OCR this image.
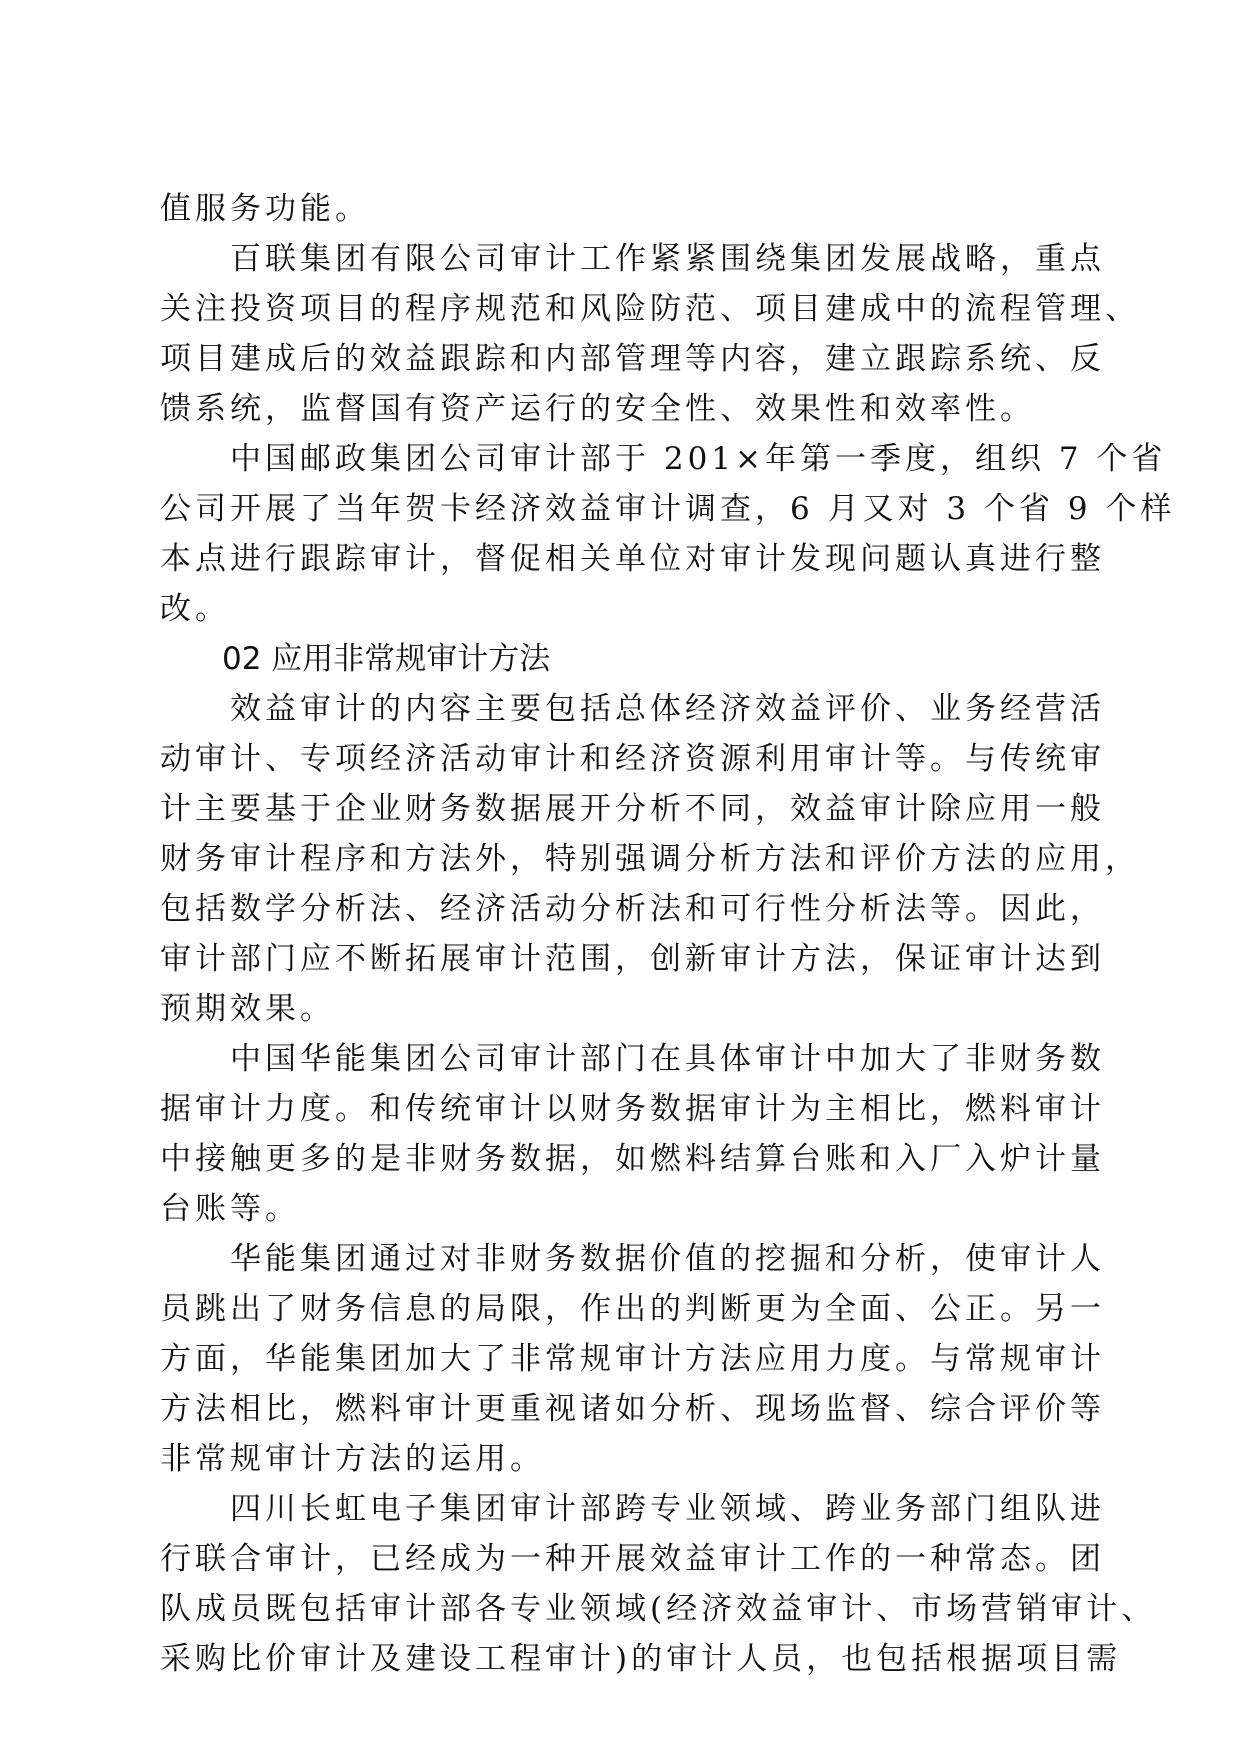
值服务功能。
百联集团有限公司审计工作紧紧围绕集团发展战略，重点
关注投资项目的程序规范和风险防范、项目建成中的流程管理、
项目建成后的效益跟踪和内部管理等内容，建立跟踪系统、反
馈系统，监督国有资产运行的安全性、效果性和效率性。
中国邮政集团公司审计部于 201×年第一季度，组织 7 个省
公司开展了当年贺卡经济效益审计调查，6 月又对 3 个省 9 个样
本点进行跟踪审计，督促相关单位对审计发现问题认真进行整
改。
02 应用非常规审计方法
效益审计的内容主要包括总体经济效益评价、业务经营活
动审计、专项经济活动审计和经济资源利用审计等。与传统审
计主要基于企业财务数据展开分析不同，效益审计除应用一般
财务审计程序和方法外，特别强调分析方法和评价方法的应用，
包括数学分析法、经济活动分析法和可行性分析法等。因此，
审计部门应不断拓展审计范围，创新审计方法，保证审计达到
预期效果。
中国华能集团公司审计部门在具体审计中加大了非财务数
据审计力度。和传统审计以财务数据审计为主相比，燃料审计
中接触更多的是非财务数据，如燃料结算台账和入厂入炉计量
台账等。
华能集团通过对非财务数据价值的挖掘和分析，使审计人
员跳出了财务信息的局限，作出的判断更为全面、公正。另一
方面，华能集团加大了非常规审计方法应用力度。与常规审计
方法相比，燃料审计更重视诸如分析、现场监督、综合评价等
非常规审计方法的运用。
四川长虹电子集团审计部跨专业领域、跨业务部门组队进
行联合审计，已经成为一种开展效益审计工作的一种常态。团
队成员既包括审计部各专业领域(经济效益审计、市场营销审计、
采购比价审计及建设工程审计)的审计人员，也包括根据项目需
